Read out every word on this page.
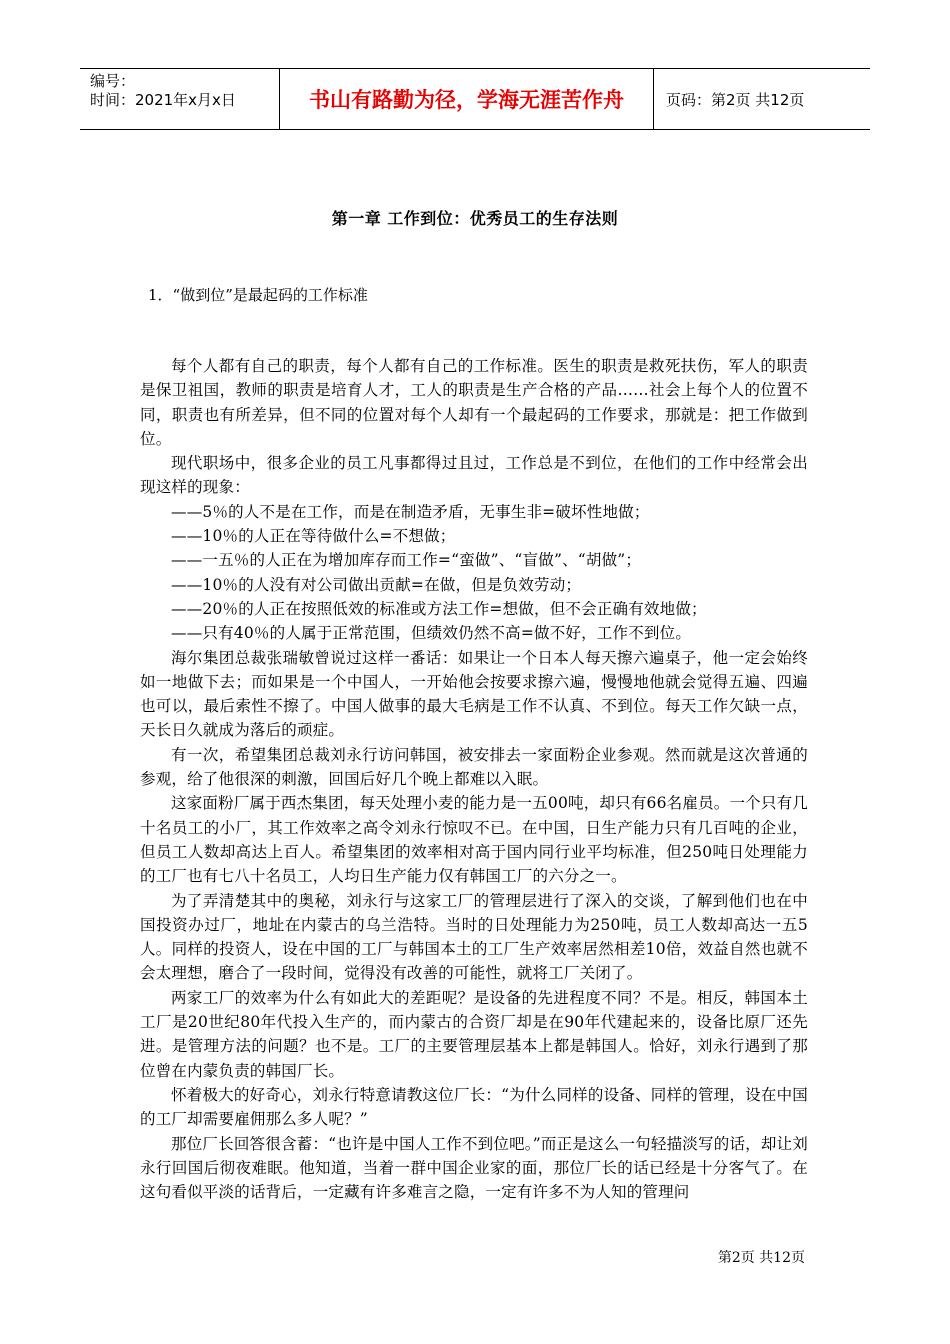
编号：
时间：2021年x月x日	书山有路勤为径，学海无涯苦作舟	页码：第2页 共12页
第一章 工作到位：优秀员工的生存法则
1．“做到位”是最起码的工作标准

每个人都有自己的职责，每个人都有自己的工作标准。医生的职责是救死扶伤，军人的职责是保卫祖国，教师的职责是培育人才，工人的职责是生产合格的产品……社会上每个人的位置不同，职责也有所差异，但不同的位置对每个人却有一个最起码的工作要求，那就是：把工作做到位。

现代职场中，很多企业的员工凡事都得过且过，工作总是不到位，在他们的工作中经常会出现这样的现象：

——5％的人不是在工作，而是在制造矛盾，无事生非=破坏性地做；

——10％的人正在等待做什么=不想做；

——一五％的人正在为增加库存而工作=“蛮做”、“盲做”、“胡做”；

——10％的人没有对公司做出贡献=在做，但是负效劳动；

——20％的人正在按照低效的标准或方法工作=想做，但不会正确有效地做；

——只有40％的人属于正常范围，但绩效仍然不高=做不好，工作不到位。

海尔集团总裁张瑞敏曾说过这样一番话：如果让一个日本人每天擦六遍桌子，他一定会始终如一地做下去；而如果是一个中国人，一开始他会按要求擦六遍，慢慢地他就会觉得五遍、四遍也可以，最后索性不擦了。中国人做事的最大毛病是工作不认真、不到位。每天工作欠缺一点，天长日久就成为落后的顽症。

有一次，希望集团总裁刘永行访问韩国，被安排去一家面粉企业参观。然而就是这次普通的参观，给了他很深的刺激，回国后好几个晚上都难以入眠。

这家面粉厂属于西杰集团，每天处理小麦的能力是一五00吨，却只有66名雇员。一个只有几十名员工的小厂，其工作效率之高令刘永行惊叹不已。在中国，日生产能力只有几百吨的企业，但员工人数却高达上百人。希望集团的效率相对高于国内同行业平均标准，但250吨日处理能力的工厂也有七八十名员工，人均日生产能力仅有韩国工厂的六分之一。

为了弄清楚其中的奥秘，刘永行与这家工厂的管理层进行了深入的交谈，了解到他们也在中国投资办过厂，地址在内蒙古的乌兰浩特。当时的日处理能力为250吨，员工人数却高达一五5人。同样的投资人，设在中国的工厂与韩国本土的工厂生产效率居然相差10倍，效益自然也就不会太理想，磨合了一段时间，觉得没有改善的可能性，就将工厂关闭了。

两家工厂的效率为什么有如此大的差距呢？是设备的先进程度不同？不是。相反，韩国本土工厂是20世纪80年代投入生产的，而内蒙古的合资厂却是在90年代建起来的，设备比原厂还先进。是管理方法的问题？也不是。工厂的主要管理层基本上都是韩国人。恰好，刘永行遇到了那位曾在内蒙负责的韩国厂长。

怀着极大的好奇心，刘永行特意请教这位厂长：“为什么同样的设备、同样的管理，设在中国的工厂却需要雇佣那么多人呢？”

那位厂长回答很含蓄：“也许是中国人工作不到位吧。”而正是这么一句轻描淡写的话，却让刘永行回国后彻夜难眠。他知道，当着一群中国企业家的面，那位厂长的话已经是十分客气了。在这句看似平淡的话背后，一定藏有许多难言之隐，一定有许多不为人知的管理问

第2页 共12页
